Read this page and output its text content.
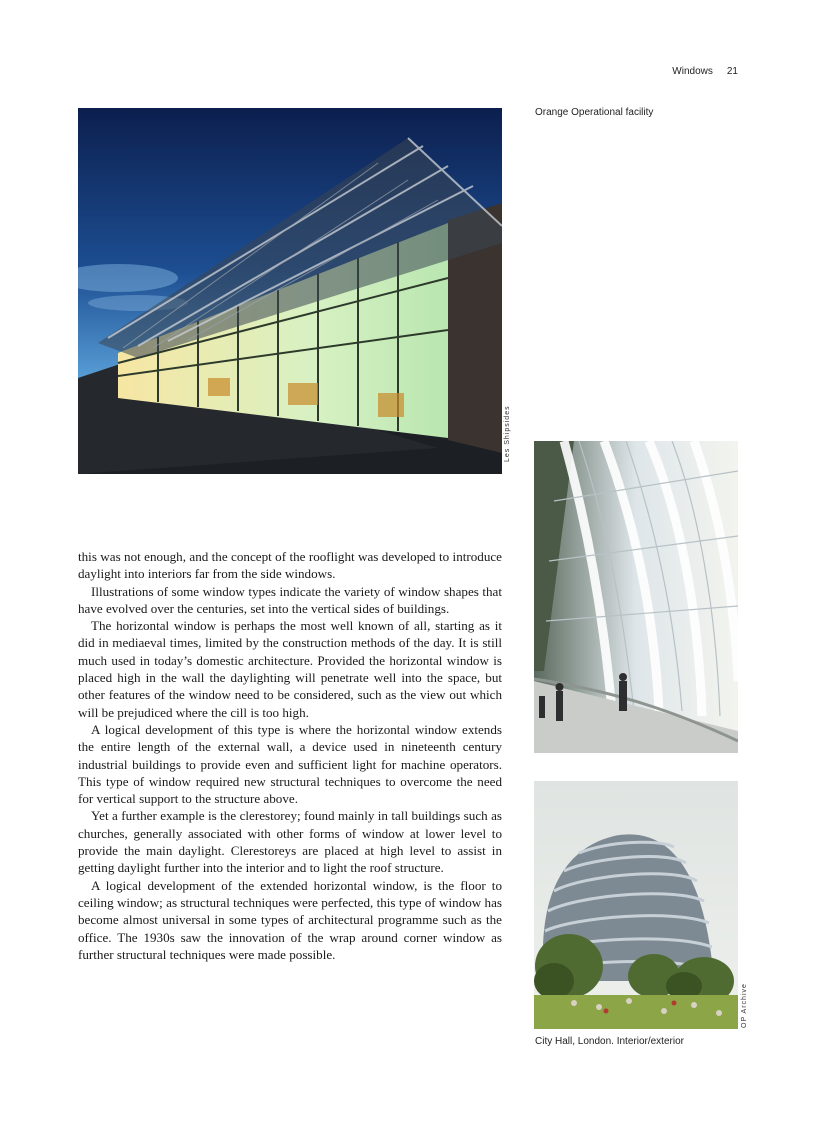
Windows 21
Les Shipsides
Orange Operational facility
OP Archive
City Hall, London. Interior/exterior

this was not enough, and the concept of the rooflight was developed to introduce daylight into interiors far from the side windows.

Illustrations of some window types indicate the variety of window shapes that have evolved over the centuries, set into the vertical sides of buildings.

The horizontal window is perhaps the most well known of all, starting as it did in mediaeval times, limited by the construction methods of the day. It is still much used in today’s domestic architecture. Provided the horizontal window is placed high in the wall the daylighting will penetrate well into the space, but other features of the window need to be considered, such as the view out which will be prejudiced where the cill is too high.

A logical development of this type is where the horizontal window extends the entire length of the external wall, a device used in nineteenth century industrial buildings to provide even and sufficient light for machine operators. This type of window required new structural techniques to overcome the need for vertical support to the structure above.

Yet a further example is the clerestorey; found mainly in tall buildings such as churches, generally associated with other forms of window at lower level to provide the main daylight. Clerestoreys are placed at high level to assist in getting daylight further into the interior and to light the roof structure.

A logical development of the extended horizontal window, is the floor to ceiling window; as structural techniques were perfected, this type of window has become almost universal in some types of architectural programme such as the office. The 1930s saw the innovation of the wrap around corner window as further structural techniques were made possible.
